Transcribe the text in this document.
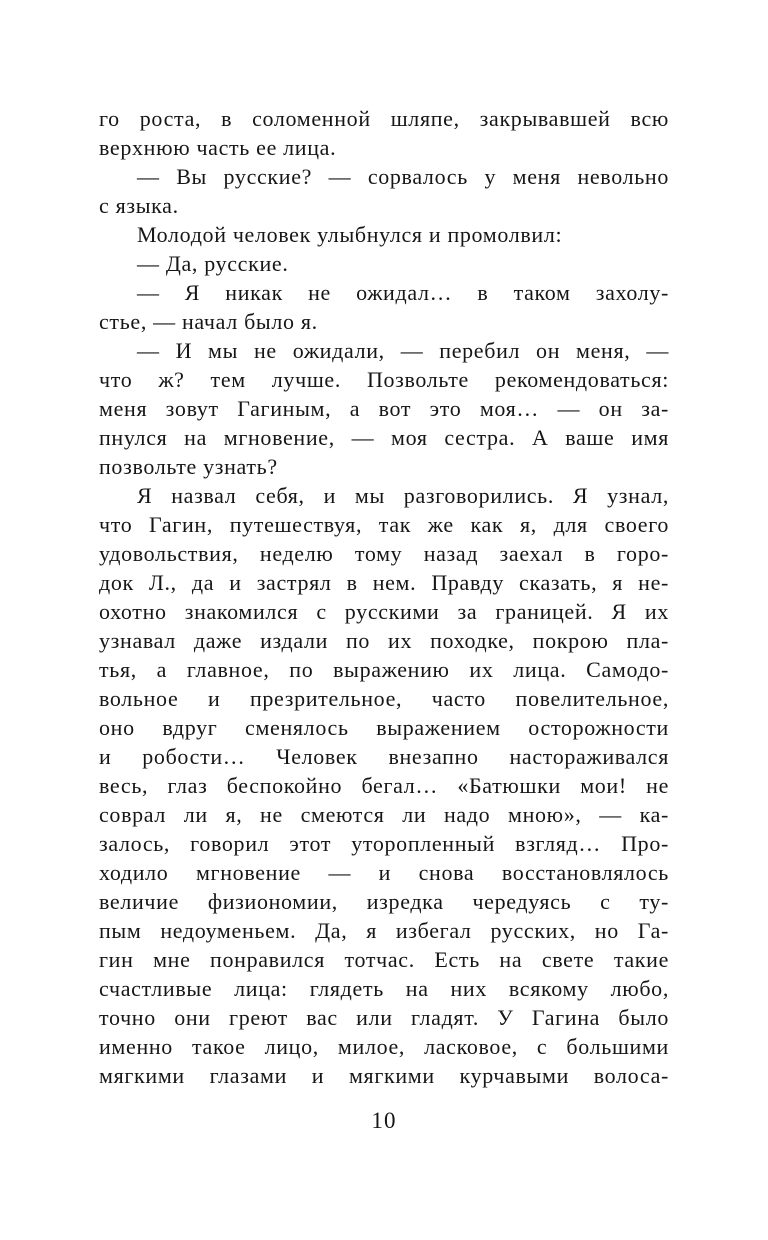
го роста, в соломенной шляпе, закрывавшей всю

верхнюю часть ее лица.

— Вы русские? — сорвалось у меня невольно

с языка.

Молодой человек улыбнулся и промолвил:

— Да, русские.

— Я никак не ожидал… в таком захолу-

стье, — начал было я.

— И мы не ожидали, — перебил он меня, —

что ж? тем лучше. Позвольте рекомендоваться:

меня зовут Гагиным, а вот это моя… — он за-

пнулся на мгновение, — моя сестра. А ваше имя

позвольте узнать?

Я назвал себя, и мы разговорились. Я узнал,

что Гагин, путешествуя, так же как я, для своего

удовольствия, неделю тому назад заехал в горо-

док Л., да и застрял в нем. Правду сказать, я не-

охотно знакомился с русскими за границей. Я их

узнавал даже издали по их походке, покрою пла-

тья, а главное, по выражению их лица. Самодо-

вольное и презрительное, часто повелительное,

оно вдруг сменялось выражением осторожности

и робости… Человек внезапно настораживался

весь, глаз беспокойно бегал… «Батюшки мои! не

соврал ли я, не смеются ли надо мною», — ка-

залось, говорил этот уторопленный взгляд… Про-

ходило мгновение — и снова восстановлялось

величие физиономии, изредка чередуясь с ту-

пым недоуменьем. Да, я избегал русских, но Га-

гин мне понравился тотчас. Есть на свете такие

счастливые лица: глядеть на них всякому любо,

точно они греют вас или гладят. У Гагина было

именно такое лицо, милое, ласковое, с большими

мягкими глазами и мягкими курчавыми волоса-

10
